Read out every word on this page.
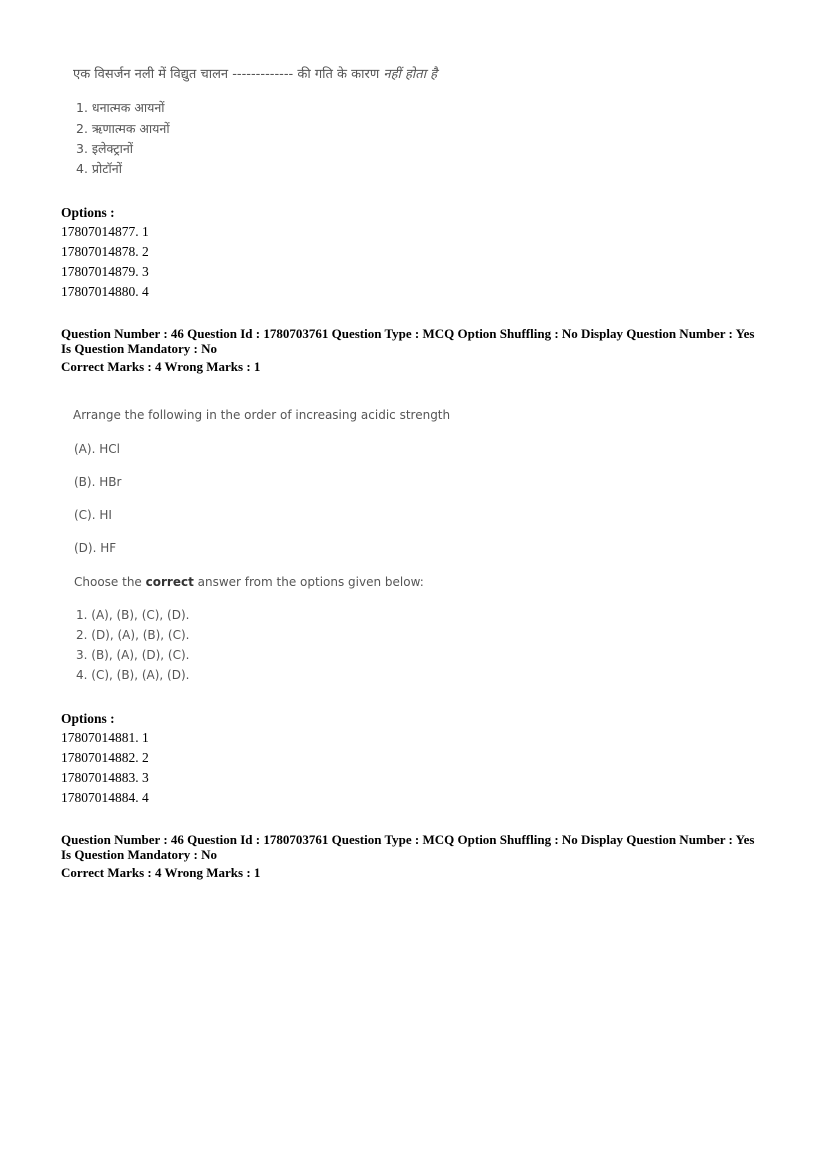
एक विसर्जन नली में विद्युत चालन ------------- की गति के कारण नहीं होता है
1. धनात्मक आयनों
2. ऋणात्मक आयनों
3. इलेक्ट्रानों
4. प्रोटॉनों
Options :
17807014877. 1
17807014878. 2
17807014879. 3
17807014880. 4
Question Number : 46 Question Id : 1780703761 Question Type : MCQ Option Shuffling : No Display Question Number : Yes
Is Question Mandatory : No
Correct Marks : 4 Wrong Marks : 1
Arrange the following in the order of increasing acidic strength
(A). HCl
(B). HBr
(C). HI
(D). HF
Choose the correct answer from the options given below:
1. (A), (B), (C), (D).
2. (D), (A), (B), (C).
3. (B), (A), (D), (C).
4. (C), (B), (A), (D).
Options :
17807014881. 1
17807014882. 2
17807014883. 3
17807014884. 4
Question Number : 46 Question Id : 1780703761 Question Type : MCQ Option Shuffling : No Display Question Number : Yes
Is Question Mandatory : No
Correct Marks : 4 Wrong Marks : 1
